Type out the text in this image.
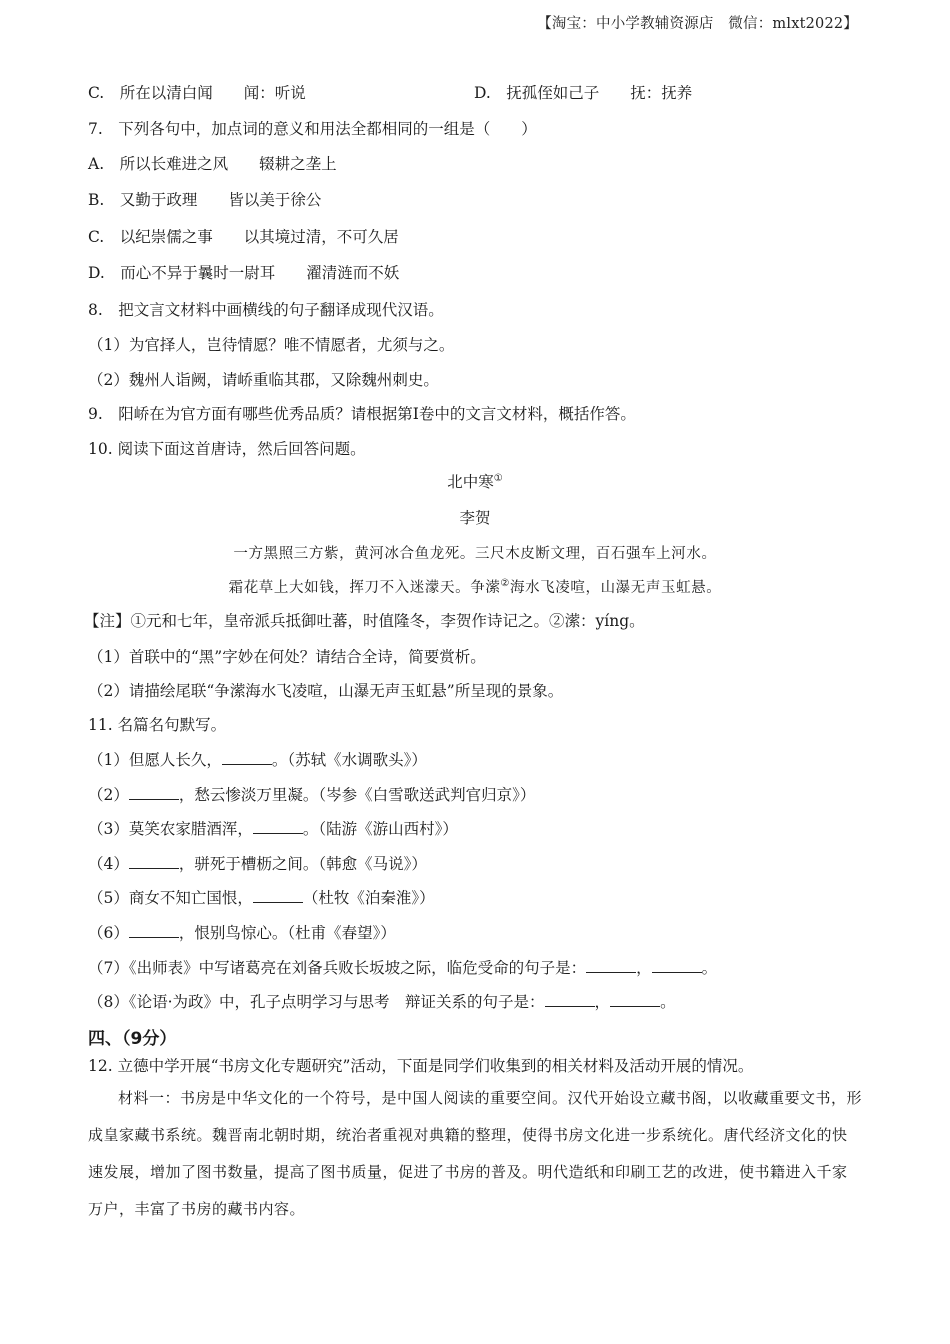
【淘宝：中小学教辅资源店　微信：mlxt2022】
C.　所在以清白闻　　闻：听说	D.　抚孤侄如己子　　抚：抚养
7.　下列各句中，加点词的意义和用法全都相同的一组是（　　）
A.　所以长难进之风　　辍耕之垄上
B.　又勤于政理　　皆以美于徐公
C.　以纪崇儒之事　　以其境过清，不可久居
D.　而心不异于曩时一尉耳　　濯清涟而不妖
8.　把文言文材料中画横线的句子翻译成现代汉语。
（1）为官择人，岂待情愿？唯不情愿者，尤须与之。
（2）魏州人诣阙，请峤重临其郡，又除魏州刺史。
9.　阳峤在为官方面有哪些优秀品质？请根据第Ⅰ卷中的文言文材料，概括作答。
10. 阅读下面这首唐诗，然后回答问题。
北中寒①
李贺
一方黑照三方紫，黄河冰合鱼龙死。三尺木皮断文理，百石强车上河水。
霜花草上大如钱，挥刀不入迷濛天。争潆②海水飞凌喧，山瀑无声玉虹悬。
【注】①元和七年，皇帝派兵抵御吐蕃，时值隆冬，李贺作诗记之。②潆：yíng。
（1）首联中的“黑”字妙在何处？请结合全诗，简要赏析。
（2）请描绘尾联“争潆海水飞凌喧，山瀑无声玉虹悬”所呈现的景象。
11. 名篇名句默写。
（1）但愿人长久，	。（苏轼《水调歌头》）
（2）	，愁云惨淡万里凝。（岑参《白雪歌送武判官归京》）
（3）莫笑农家腊酒浑，	。（陆游《游山西村》）
（4）	，骈死于槽枥之间。（韩愈《马说》）
（5）商女不知亡国恨，	（杜牧《泊秦淮》）
（6）	，恨别鸟惊心。（杜甫《春望》）
（7）《出师表》中写诸葛亮在刘备兵败长坂坡之际，临危受命的句子是：	，	。
（8）《论语·为政》中，孔子点明学习与思考　辩证关系的句子是：	，	。
四、（9分）
12. 立德中学开展“书房文化专题研究”活动，下面是同学们收集到的相关材料及活动开展的情况。
材料一：书房是中华文化的一个符号，是中国人阅读的重要空间。汉代开始设立藏书阁，以收藏重要文书，形成皇家藏书系统。魏晋南北朝时期，统治者重视对典籍的整理，使得书房文化进一步系统化。唐代经济文化的快速发展，增加了图书数量，提高了图书质量，促进了书房的普及。明代造纸和印刷工艺的改进，使书籍进入千家万户，丰富了书房的藏书内容。
